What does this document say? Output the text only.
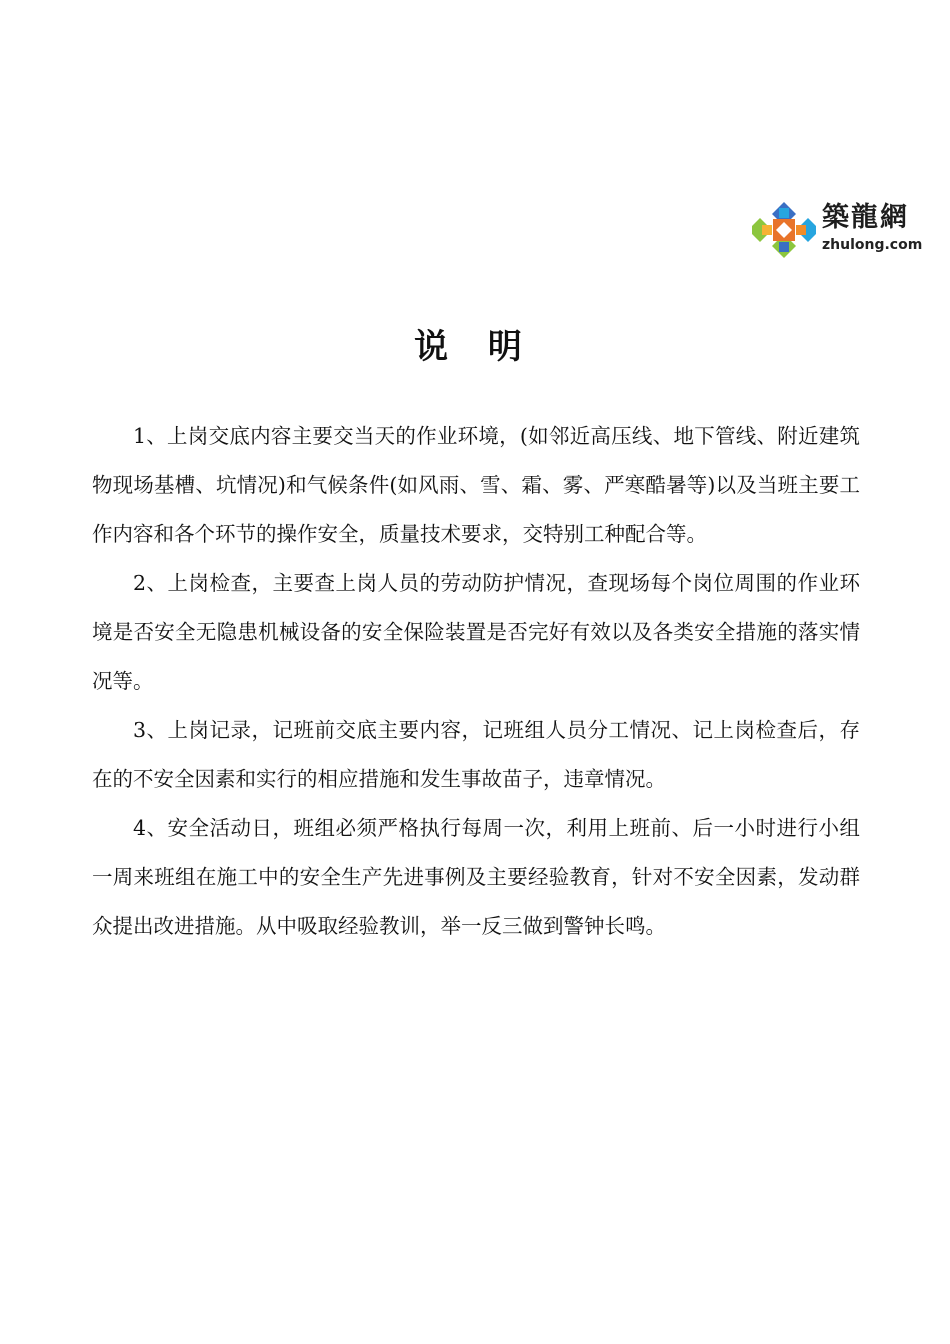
築龍網
zhulong.com
说 明

1、上岗交底内容主要交当天的作业环境，(如邻近高压线、地下管线、附近建筑物现场基槽、坑情况)和气候条件(如风雨、雪、霜、雾、严寒酷暑等)以及当班主要工作内容和各个环节的操作安全，质量技术要求，交特别工种配合等。

2、上岗检查，主要查上岗人员的劳动防护情况，查现场每个岗位周围的作业环境是否安全无隐患机械设备的安全保险装置是否完好有效以及各类安全措施的落实情况等。

3、上岗记录，记班前交底主要内容，记班组人员分工情况、记上岗检查后，存在的不安全因素和实行的相应措施和发生事故苗子，违章情况。

4、安全活动日，班组必须严格执行每周一次，利用上班前、后一小时进行小组一周来班组在施工中的安全生产先进事例及主要经验教育，针对不安全因素，发动群众提出改进措施。从中吸取经验教训，举一反三做到警钟长鸣。
